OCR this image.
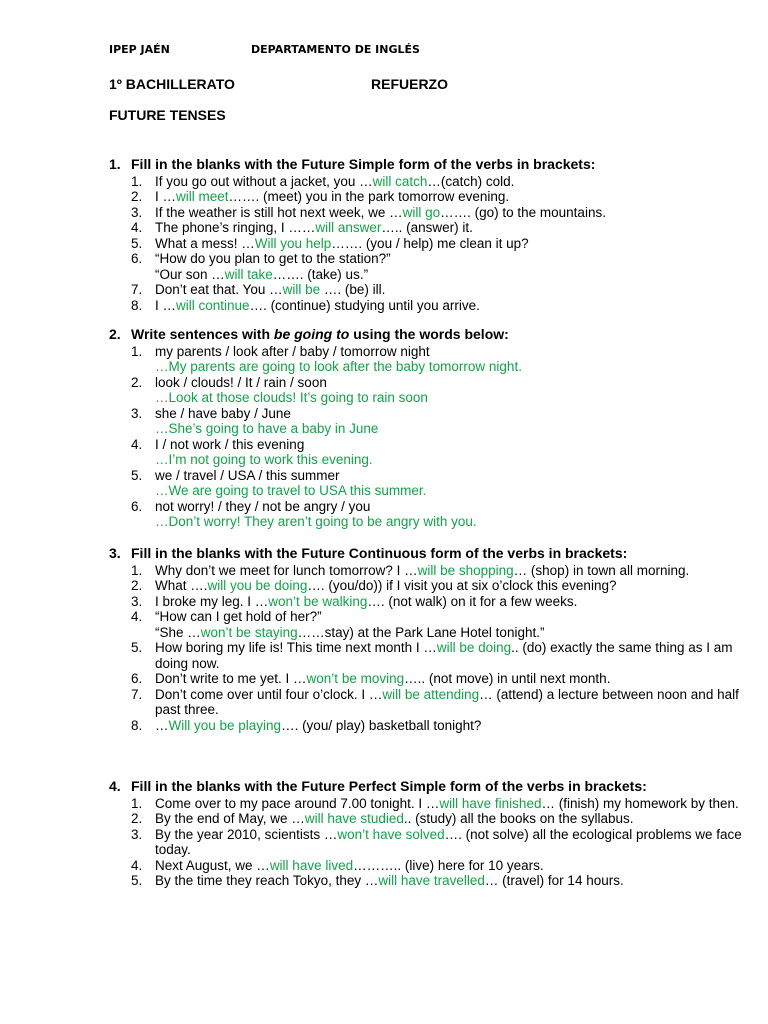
IPEP JAÉN	DEPARTAMENTO DE INGLÉS
1º BACHILLERATO	REFUERZO
FUTURE TENSES
1. Fill in the blanks with the Future Simple form of the verbs in brackets:
1. If you go out without a jacket, you …will catch…(catch) cold.
2. I …will meet……. (meet) you in the park tomorrow evening.
3. If the weather is still hot next week, we …will go……. (go) to the mountains.
4. The phone’s ringing, I ……will answer….. (answer) it.
5. What a mess! …Will you help……. (you / help) me clean it up?
6. “How do you plan to get to the station?”
“Our son …will take……. (take) us.”
7. Don’t eat that. You …will be …. (be) ill.
8. I …will continue…. (continue) studying until you arrive.
2. Write sentences with be going to using the words below:
1. my parents / look after / baby / tomorrow night
…My parents are going to look after the baby tomorrow night.
2. look / clouds! / It / rain / soon
…Look at those clouds! It’s going to rain soon
3. she / have baby / June
…She’s going to have a baby in June
4. I / not work / this evening
…I’m not going to work this evening.
5. we / travel / USA / this summer
…We are going to travel to USA this summer.
6. not worry! / they / not be angry / you
…Don’t worry! They aren’t going to be angry with you.
3. Fill in the blanks with the Future Continuous form of the verbs in brackets:
1. Why don’t we meet for lunch tomorrow? I …will be shopping… (shop) in town all morning.
2. What ….will you be doing…. (you/do)) if I visit you at six o’clock this evening?
3. I broke my leg. I …won’t be walking…. (not walk) on it for a few weeks.
4. “How can I get hold of her?”
“She …won’t be staying……stay) at the Park Lane Hotel tonight.”
5. How boring my life is! This time next month I …will be doing.. (do) exactly the same thing as I am doing now.
6. Don’t write to me yet. I …won’t be moving….. (not move) in until next month.
7. Don’t come over until four o’clock. I …will be attending… (attend) a lecture between noon and half past three.
8. …Will you be playing…. (you/ play) basketball tonight?
4. Fill in the blanks with the Future Perfect Simple form of the verbs in brackets:
1. Come over to my pace around 7.00 tonight. I …will have finished… (finish) my homework by then.
2. By the end of May, we …will have studied.. (study) all the books on the syllabus.
3. By the year 2010, scientists …won’t have solved…. (not solve) all the ecological problems we face today.
4. Next August, we …will have lived……….. (live) here for 10 years.
5. By the time they reach Tokyo, they …will have travelled… (travel) for 14 hours.
